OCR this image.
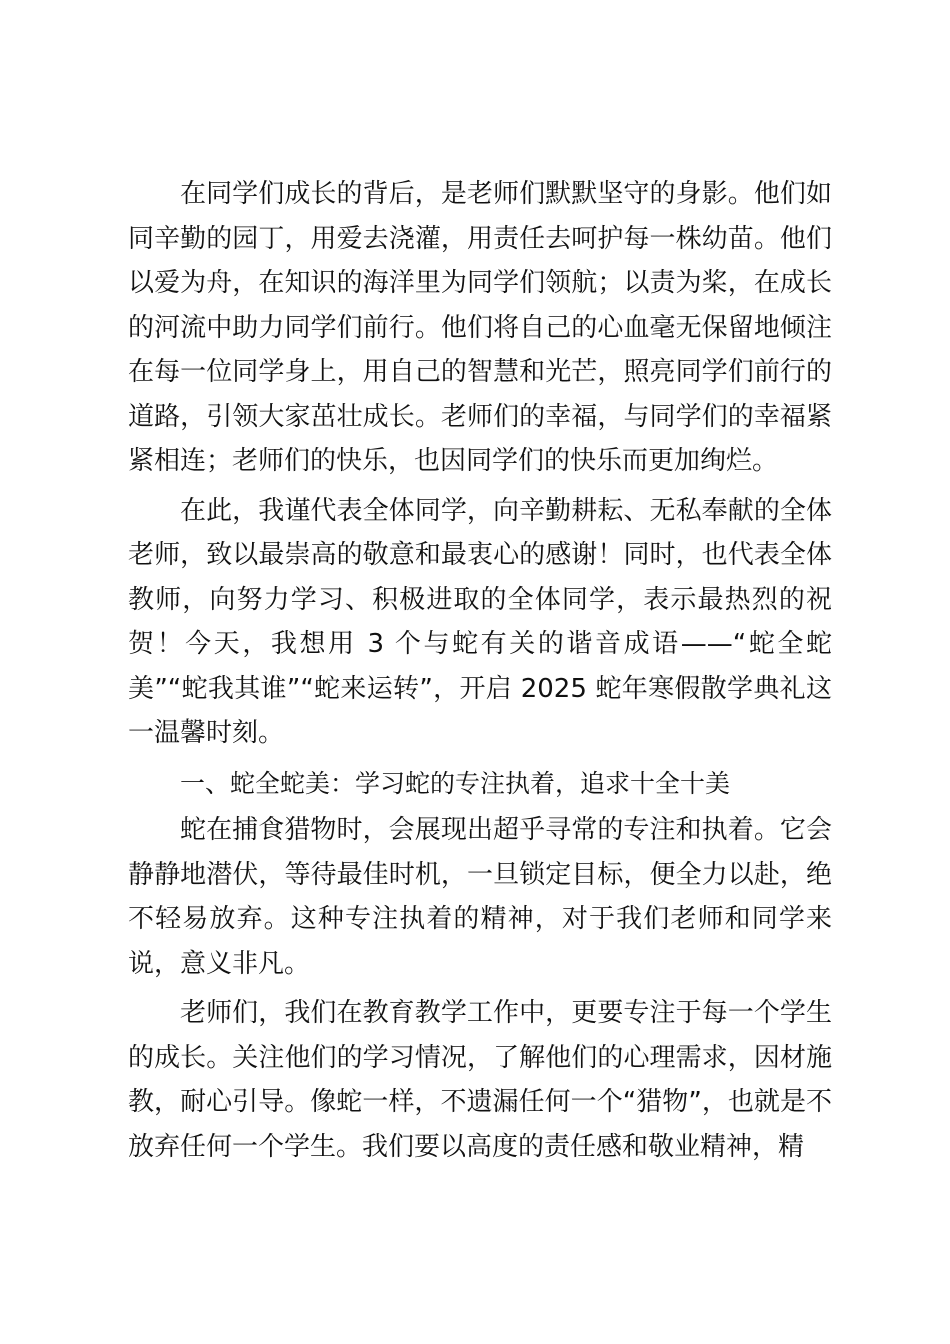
在同学们成长的背后，是老师们默默坚守的身影。他们如同辛勤的园丁，用爱去浇灌，用责任去呵护每一株幼苗。他们以爱为舟，在知识的海洋里为同学们领航；以责为桨，在成长的河流中助力同学们前行。他们将自己的心血毫无保留地倾注在每一位同学身上，用自己的智慧和光芒，照亮同学们前行的道路，引领大家茁壮成长。老师们的幸福，与同学们的幸福紧紧相连；老师们的快乐，也因同学们的快乐而更加绚烂。

在此，我谨代表全体同学，向辛勤耕耘、无私奉献的全体老师，致以最崇高的敬意和最衷心的感谢！同时，也代表全体教师，向努力学习、积极进取的全体同学，表示最热烈的祝贺！今天，我想用 3 个与蛇有关的谐音成语——“蛇全蛇美”“蛇我其谁”“蛇来运转”，开启 2025 蛇年寒假散学典礼这一温馨时刻。

一、蛇全蛇美：学习蛇的专注执着，追求十全十美

蛇在捕食猎物时，会展现出超乎寻常的专注和执着。它会静静地潜伏，等待最佳时机，一旦锁定目标，便全力以赴，绝不轻易放弃。这种专注执着的精神，对于我们老师和同学来说，意义非凡。

老师们，我们在教育教学工作中，更要专注于每一个学生的成长。关注他们的学习情况，了解他们的心理需求，因材施教，耐心引导。像蛇一样，不遗漏任何一个“猎物”，也就是不放弃任何一个学生。我们要以高度的责任感和敬业精神，精
